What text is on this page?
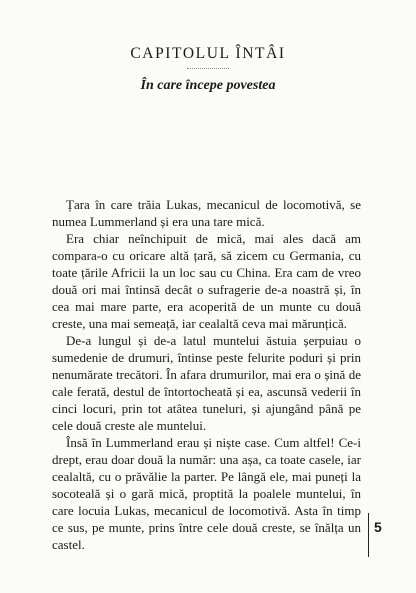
CAPITOLUL ÎNTÂI
În care începe povestea

Țara în care trăia Lukas, mecanicul de locomotivă, se numea Lummerland și era una tare mică.

Era chiar neînchipuit de mică, mai ales dacă am compara-o cu oricare altă țară, să zicem cu Germania, cu toate țările Africii la un loc sau cu China. Era cam de vreo două ori mai întinsă decât o sufragerie de-a noastră și, în cea mai mare parte, era acoperită de un munte cu două creste, una mai semeață, iar cealaltă ceva mai mărunțică.

De-a lungul și de-a latul muntelui ăstuia șerpuiau o sumedenie de drumuri, întinse peste felurite poduri și prin nenumărate trecători. În afara drumurilor, mai era o șină de cale ferată, destul de întortocheată și ea, ascunsă vederii în cinci locuri, prin tot atâtea tuneluri, și ajungând până pe cele două creste ale muntelui.

Însă în Lummerland erau și niște case. Cum altfel! Ce-i drept, erau doar două la număr: una așa, ca toate casele, iar cealaltă, cu o prăvălie la parter. Pe lângă ele, mai puneți la socoteală și o gară mică, proptită la poalele muntelui, în care locuia Lukas, mecanicul de locomotivă. Asta în timp ce sus, pe munte, prins între cele două creste, se înălța un castel.

5
